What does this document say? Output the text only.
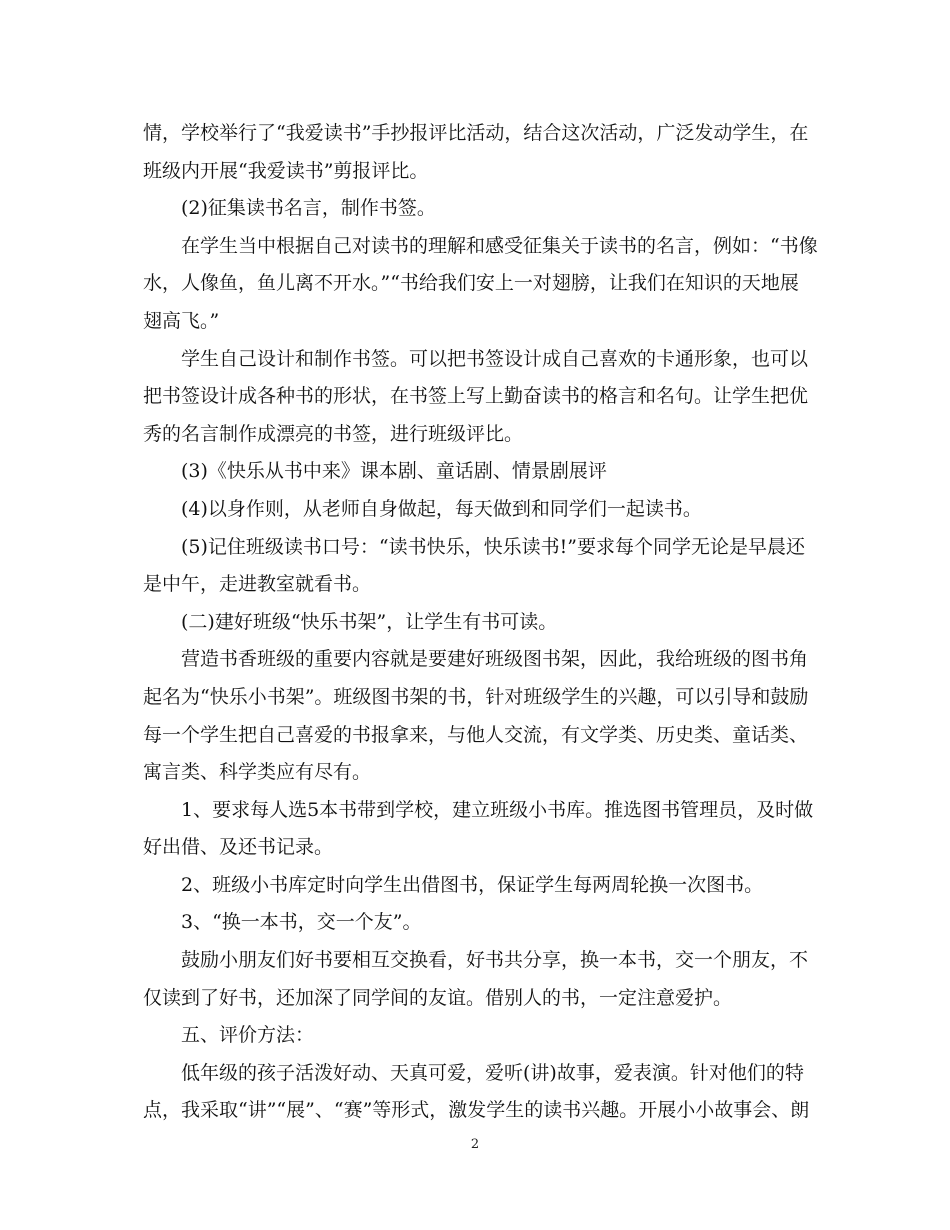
情，学校举行了“我爱读书”手抄报评比活动，结合这次活动，广泛发动学生，在
班级内开展“我爱读书”剪报评比。
(2)征集读书名言，制作书签。
在学生当中根据自己对读书的理解和感受征集关于读书的名言，例如：“书像
水，人像鱼，鱼儿离不开水。”“书给我们安上一对翅膀，让我们在知识的天地展
翅高飞。”
学生自己设计和制作书签。可以把书签设计成自己喜欢的卡通形象，也可以
把书签设计成各种书的形状，在书签上写上勤奋读书的格言和名句。让学生把优
秀的名言制作成漂亮的书签，进行班级评比。
(3)《快乐从书中来》课本剧、童话剧、情景剧展评
(4)以身作则，从老师自身做起，每天做到和同学们一起读书。
(5)记住班级读书口号：“读书快乐，快乐读书!”要求每个同学无论是早晨还
是中午，走进教室就看书。
(二)建好班级“快乐书架”，让学生有书可读。
营造书香班级的重要内容就是要建好班级图书架，因此，我给班级的图书角
起名为“快乐小书架”。班级图书架的书，针对班级学生的兴趣，可以引导和鼓励
每一个学生把自己喜爱的书报拿来，与他人交流，有文学类、历史类、童话类、
寓言类、科学类应有尽有。
1、要求每人选5本书带到学校，建立班级小书库。推选图书管理员，及时做
好出借、及还书记录。
2、班级小书库定时向学生出借图书，保证学生每两周轮换一次图书。
3、“换一本书，交一个友”。
鼓励小朋友们好书要相互交换看，好书共分享，换一本书，交一个朋友，不
仅读到了好书，还加深了同学间的友谊。借别人的书，一定注意爱护。
五、评价方法：
低年级的孩子活泼好动、天真可爱，爱听(讲)故事，爱表演。针对他们的特
点，我采取“讲”“展”、“赛”等形式，激发学生的读书兴趣。开展小小故事会、朗
2
